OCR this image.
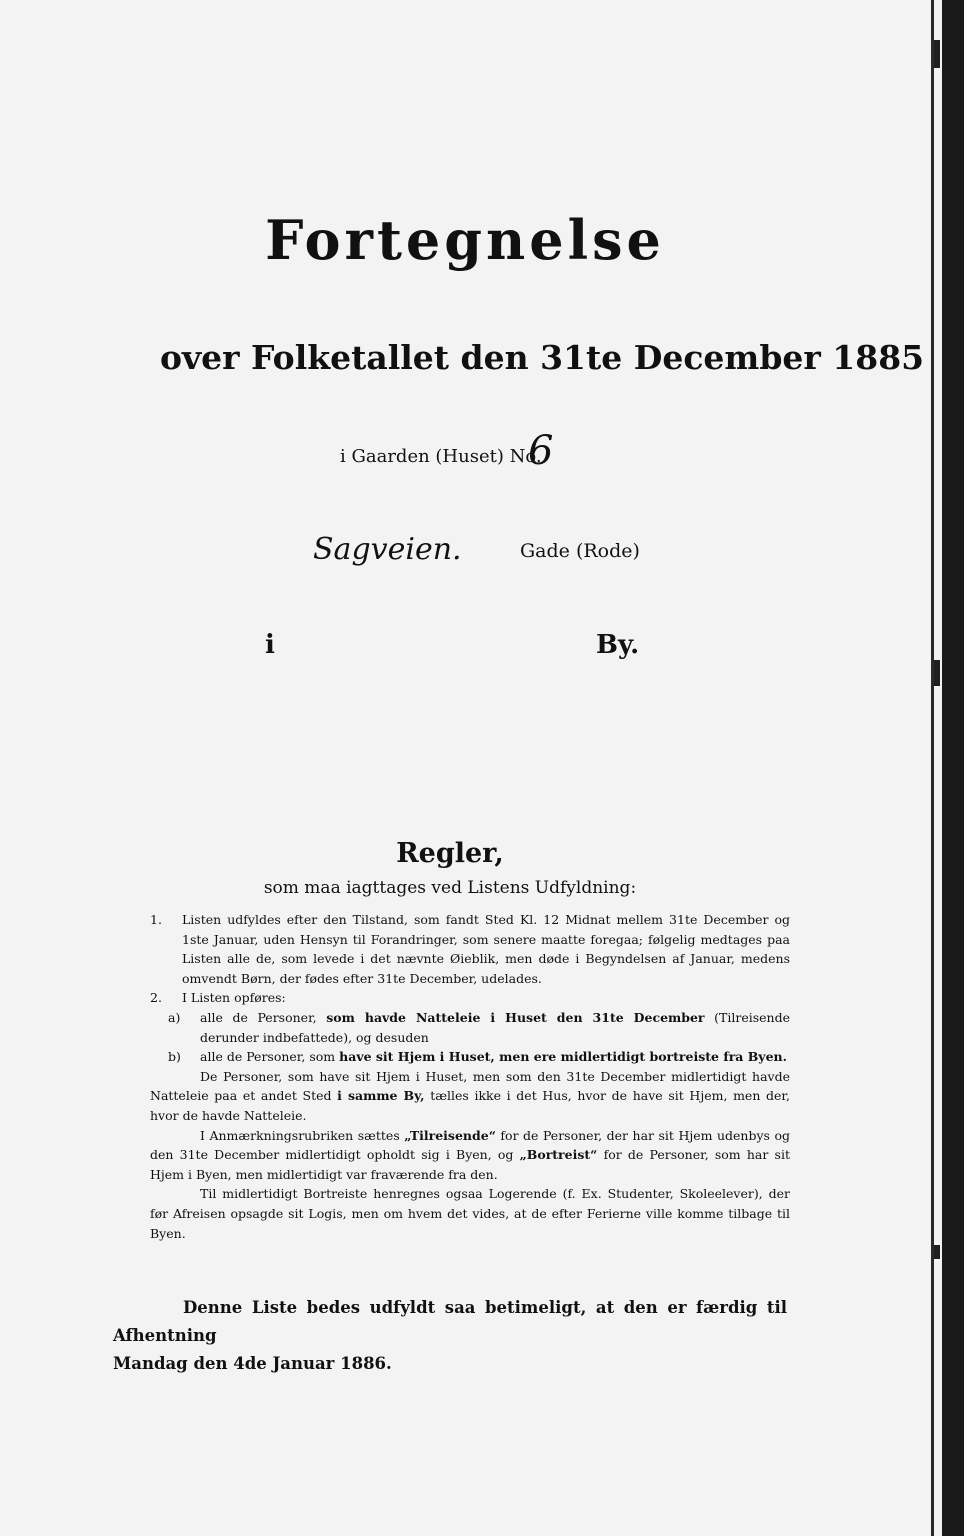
Fortegnelse
over Folketallet den 31te December 1885
i Gaarden (Huset) No.
6
Sagveien.	Gade (Rode)
i	By.
Regler,
som maa iagttages ved Listens Udfyldning:
1.	Listen udfyldes efter den Tilstand, som fandt Sted Kl. 12 Midnat mellem 31te December og 1ste Januar, uden Hensyn til Forandringer, som senere maatte foregaa; følgelig medtages paa Listen alle de, som levede i det nævnte Øieblik, men døde i Begyndelsen af Januar, medens omvendt Børn, der fødes efter 31te December, udelades.

2.	I Listen opføres:

a) alle de Personer, som havde Natteleie i Huset den 31te December (Tilreisende derunder indbefattede), og desuden

b) alle de Personer, som have sit Hjem i Huset, men ere midlertidigt bortreiste fra Byen.

De Personer, som have sit Hjem i Huset, men som den 31te December midlertidigt havde Natteleie paa et andet Sted i samme By, tælles ikke i det Hus, hvor de have sit Hjem, men der, hvor de havde Natteleie.

I Anmærkningsrubriken sættes „Tilreisende“ for de Personer, der har sit Hjem udenbys og den 31te December midlertidigt opholdt sig i Byen, og „Bortreist“ for de Personer, som har sit Hjem i Byen, men midlertidigt var fraværende fra den.

Til midlertidigt Bortreiste henregnes ogsaa Logerende (f. Ex. Studenter, Skoleelever), der før Afreisen opsagde sit Logis, men om hvem det vides, at de efter Ferierne ville komme tilbage til Byen.

Denne Liste bedes udfyldt saa betimeligt, at den er færdig til Afhentning
Mandag den 4de Januar 1886.
